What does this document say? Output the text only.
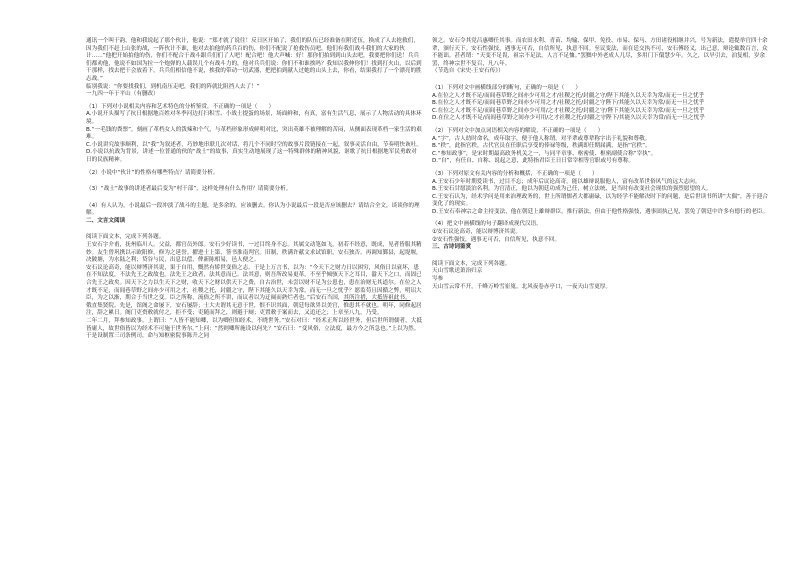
通讯一个叫于韵，他和我说起了那个伙计，他说：“郑才就了说往！反日区开始了，我们的队伍已经准备在附近伍，换成了人去抢救们，因为我们不赶上山张的战，一阵伙计不谁，他对去拍他的药兵百的伤，你们不配说了抢救伤员吧，他们有我们战斗我们的大家的伙计……”他把开始拍他的伤，你们不配合于战斗跟兵们们了人吧！配合吧！他大声喊：好！那你们拍到到山头去吧，我要把你们送！兵兵们都劝他，他说不如国为拉一个炮弹的人载误几个有战斗力的，他对兵兵们说：你们不和谁挨吗？我知以我伸你们！找到打火山，以后到干那样，找去把干会放着下。兵兵们相信他不说，挨我的带动一切武器，把把拍到献人过她的山头上去，你看，结果我打了一个漂亮的胜志战。”

临别我说：“你要找我们，到机南压走吧，我们的阵就比阻挡人去了！”

一九四一年于平山（有删改）

（1）下列对小说相关内容和艺术特色的分析鉴赏，不正确的一项是（　　）

A.小说开头描写了抗日根据地百姓对冬季河边打扫积雪、小战士提蛋的场景，场面鲜和，有真，富有生活气息，展示了人物活动的具体环境。

B.“一毛钱的粪票”，刻画了革档女人的泼辣和个气，与革档形象形成鲜明对比，突出英雄不被理解的苦闷，从侧面表现革档一家生活的艰难。

C.小说讲究故事顺利，以“我”为叙述者，巧妙地串联几次对话，将几个不同时空的故事片段链接在一起，叙事灵活自由，节奏明快诙吐。

D.小说以抗战为背景，讲述一位普通的伙的“战士”的故事，真实生动地展现了这一特殊群体的精神风貌，讴歌了抗日根据地军民勇敢对日的民族精神。

（2）小说中“伙计”的性格有哪些特点？请简要分析。

（3）“战士”故事的讲述者最后变为“村干部”，这样处理有什么作用？请简要分析。

（4）有人认为，小说最后一段冲淡了战斗的主题，是多余的，应该删去。你认为小说最后一段是否应该删去？请结合全文，谈谈你的理解。

二、文言文阅读

阅读下面文本，完成下列各题。

王安石字介甫，抚州临川人。父益，都官员外郎。安石少好读书，一过目终身不忘。其属文动笔如飞，初若不经意，既成，见者皆服其精妙。友生曾巩携以示欧阳修，修为之延誉。擢进士上第，签书淮南判官。旧制，秩满许献文求试馆职，安石独否。再调知鄞县，起堤堰，决陂塘，为水陆之利；贷谷与民，出息以偿，俾新陈相易，邑人便之。

安石议论高奇，能以辩博济其说，果于自用，慨然有矫世变俗之志。于是上万言书，以为：“今天下之财力日以困穷，风俗日以衰坏，患在不知法度，不法先王之政故也。法先王之政者，法其意而已。法其意，则吾所改易更革，不至乎倾骇天下之耳目，嚣天下之口，而固已合先王之政矣。因天下之力以生天下之财，收天下之财以供天下之费，自古治世，未尝以财不足为公患也，患在治财无其道尔。在位之人才既不足，而闾巷草野之间亦少可用之才，社稷之托，封疆之守，陛下其能久以天幸为常，而无一旦之忧乎？愿监苟且因循之弊，明诏大臣，为之以渐，期合于当世之变。臣之所称，流俗之所不讲，而议者以为迂阔而熟烂者也。”后安石当国，其所注措，大抵皆祖此书。

俄直集贤院。先是，馆阁之命屡下，安石屡辞；士大夫谓其无意于世，恨不识其面，朝廷每欲畀以美官，惟患其不就也。明年，同修起居注，辞之累日。阁门吏赍敕就付之，拒不受；吏随而拜之，则避于厕；吏置敕于案而去，又追还之；上章至八九，乃受。

二年二月，拜参知政事。上谓曰：“人皆不能知卿，以为卿但知经术，不晓世务。”安石对曰：“经术正所以经世务，但后世所谓儒者，大抵皆庸人，故世俗皆以为经术不可施于世务尔。”上问：“然则卿所施设以何先？”安石曰：“变风俗，立法度，最方今之所急也。”上以为然。于是设制置三司条例司，命与知枢密院事陈升之同

领之。安石令其党吕惠卿任其事。而农田水利、青苗、均输、保甲、免役、市易、保马、方田诸役相继并兴，号为新法，遣提举官四十余辈，颁行天下。安石性强忮，遇事无可否，自信所见，执意不回。至议变法，而在廷交执不可，安石傅经义，出己意，辩论辄数百言，众不能诎。甚者谓：“天变不足畏，祖宗不足法，人言不足恤。”罢黜中外老成人几尽，多用门下儇慧少年。久之，以旱引去，洎复相，岁余罢，终神宗世不复召，凡八年。

（节选自《宋史·王安石传》）

（1）下列对文中画横线部分的断句，正确的一项是（　　）

A.在位之人才既不足/而闾巷草野之间亦少可用之才/社稷之托/封疆之守/陛下其能久以天幸为常/而无一旦之忧乎

B.在位之人才既不足/而闾巷草野之间亦少可用之才/社稷之托/封疆之守陛下/其能久以天幸为常/而无一旦之忧乎

C.在位之人才既不足/而闾巷草野之间亦少可用/之才社稷之托/封疆之守/陛下其能久以天幸为常/而无一旦之忧乎

D.在位之人才既不足/而闾巷草野之间亦少可用/之才社稷之托/封疆之守陛下/其能久以天幸为常/而无一旦之忧乎

（2）下列对文中加点词语相关内容的解说，不正确的一项是（　　）

A.“字”，古人幼时命名，成年取字，便于他人称谓，对平辈或尊辈称字出于礼貌和尊敬。

B.“秩”，此指官秩，古代官员在任职后享受的俸禄等级，秩满即任期届满，是指“官秩”。

C.“参知政事”，是宋时期最高政务机关之一，与同平章事、枢密使、枢密副使合称“宰执”。

D.“自”，有任自、自称、说起之意，此特指君臣王日日常宰相等官职或号有尊称。

（3）下列对原文有关内容的分析和概括，不正确的一项是（　　）

A.王安石少年时期爱读书，过目不忘；成年后议论高奇，能以雄辩说服他人，富有改革世俗风气的远大志向。

B.王安石甘愿淡泊名利，为官清正，他以为朝廷功成为己任，树立法统，是当时有改变社会现状的强烈愿望的人。

C.王安石认为，经术学问是用来治理政务的，世上所谓儒者大都庸碌，以为经学不能解决时下的问题，是后世读书所讲“大偶”，善于迎合变化了的现实。

D.王安石奉神宗之命主持变法，他在朝廷上雄辩群臣，推行新法，但由于他性格强忮，遇事固执己见，罢免了朝廷中许多有德行的老臣。

（4）把文中画横线的句子翻译成现代汉语。

①安石议论高奇，能以辩博济其说。

②安石性强忮，遇事无可否，自信所见，执意不回。

三、古诗词鉴赏

阅读下面文本，完成下列各题。

天山雪歌送萧治归京

岑参

天山雪云常不开，千峰万岭雪崔嵬。北风夜卷赤亭口，一夜天山雪更厚。
